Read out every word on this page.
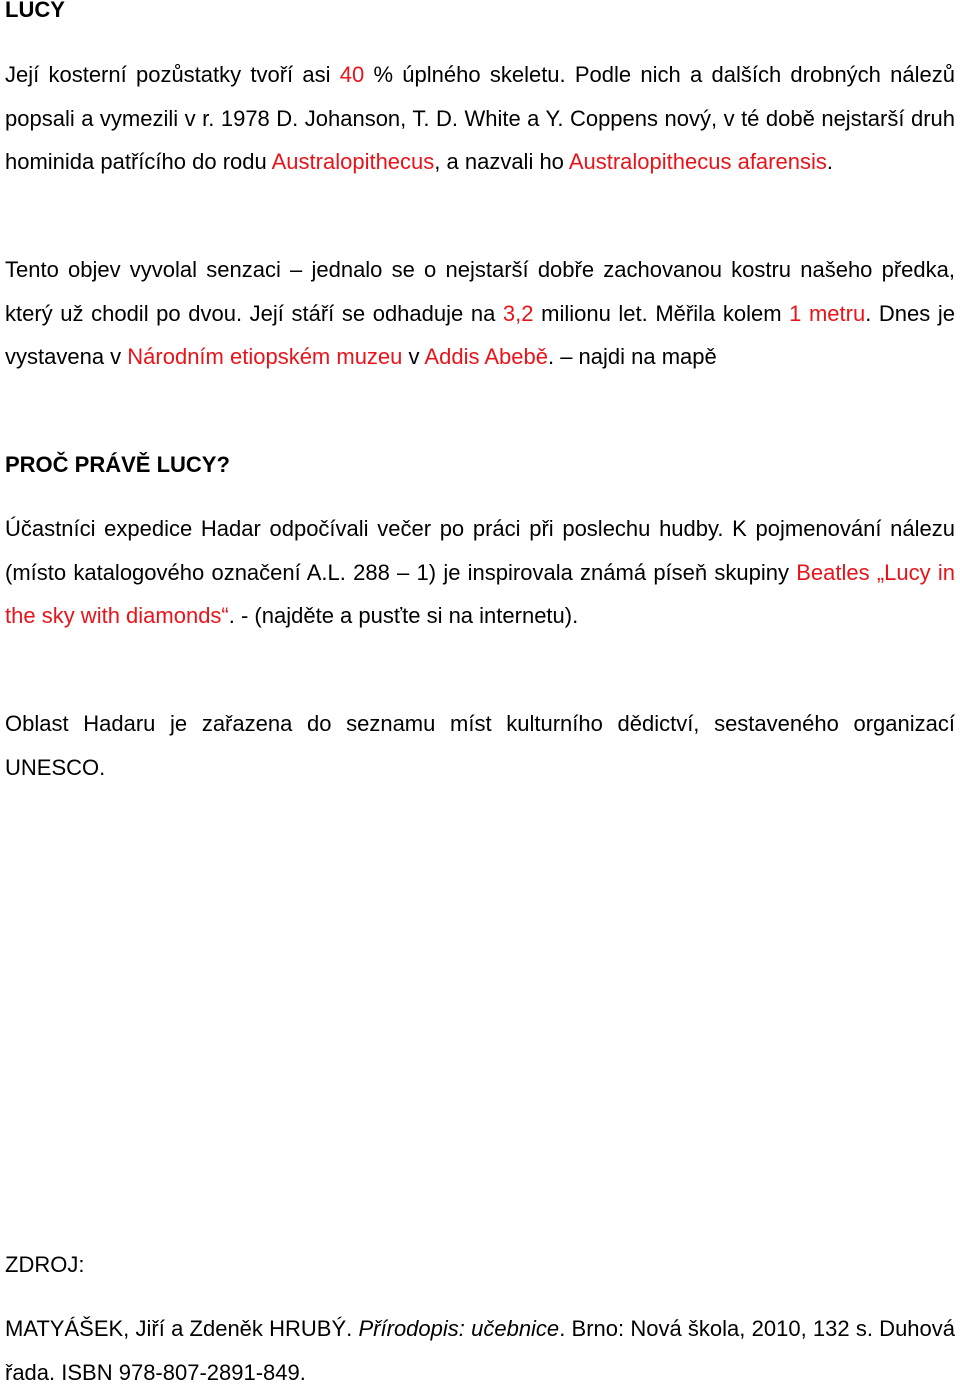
LUCY

Její kosterní pozůstatky tvoří asi 40 % úplného skeletu. Podle nich a dalších drobných nálezů popsali a vymezili v r. 1978 D. Johanson, T. D. White a Y. Coppens nový, v té době nejstarší druh hominida patřícího do rodu Australopithecus, a nazvali ho Australopithecus afarensis.

Tento objev vyvolal senzaci – jednalo se o nejstarší dobře zachovanou kostru našeho předka, který už chodil po dvou. Její stáří se odhaduje na 3,2 milionu let. Měřila kolem 1 metru. Dnes je vystavena v Národním etiopském muzeu v Addis Abebě. – najdi na mapě

PROČ PRÁVĚ LUCY?

Účastníci expedice Hadar odpočívali večer po práci při poslechu hudby. K pojmenování nálezu (místo katalogového označení A.L. 288 – 1) je inspirovala známá píseň skupiny Beatles „Lucy in the sky with diamonds“. - (najděte a pusťte si na internetu).

Oblast Hadaru je zařazena do seznamu míst kulturního dědictví, sestaveného organizací UNESCO.

ZDROJ:

MATYÁŠEK, Jiří a Zdeněk HRUBÝ. Přírodopis: učebnice. Brno: Nová škola, 2010, 132 s. Duhová řada. ISBN 978-807-2891-849.
